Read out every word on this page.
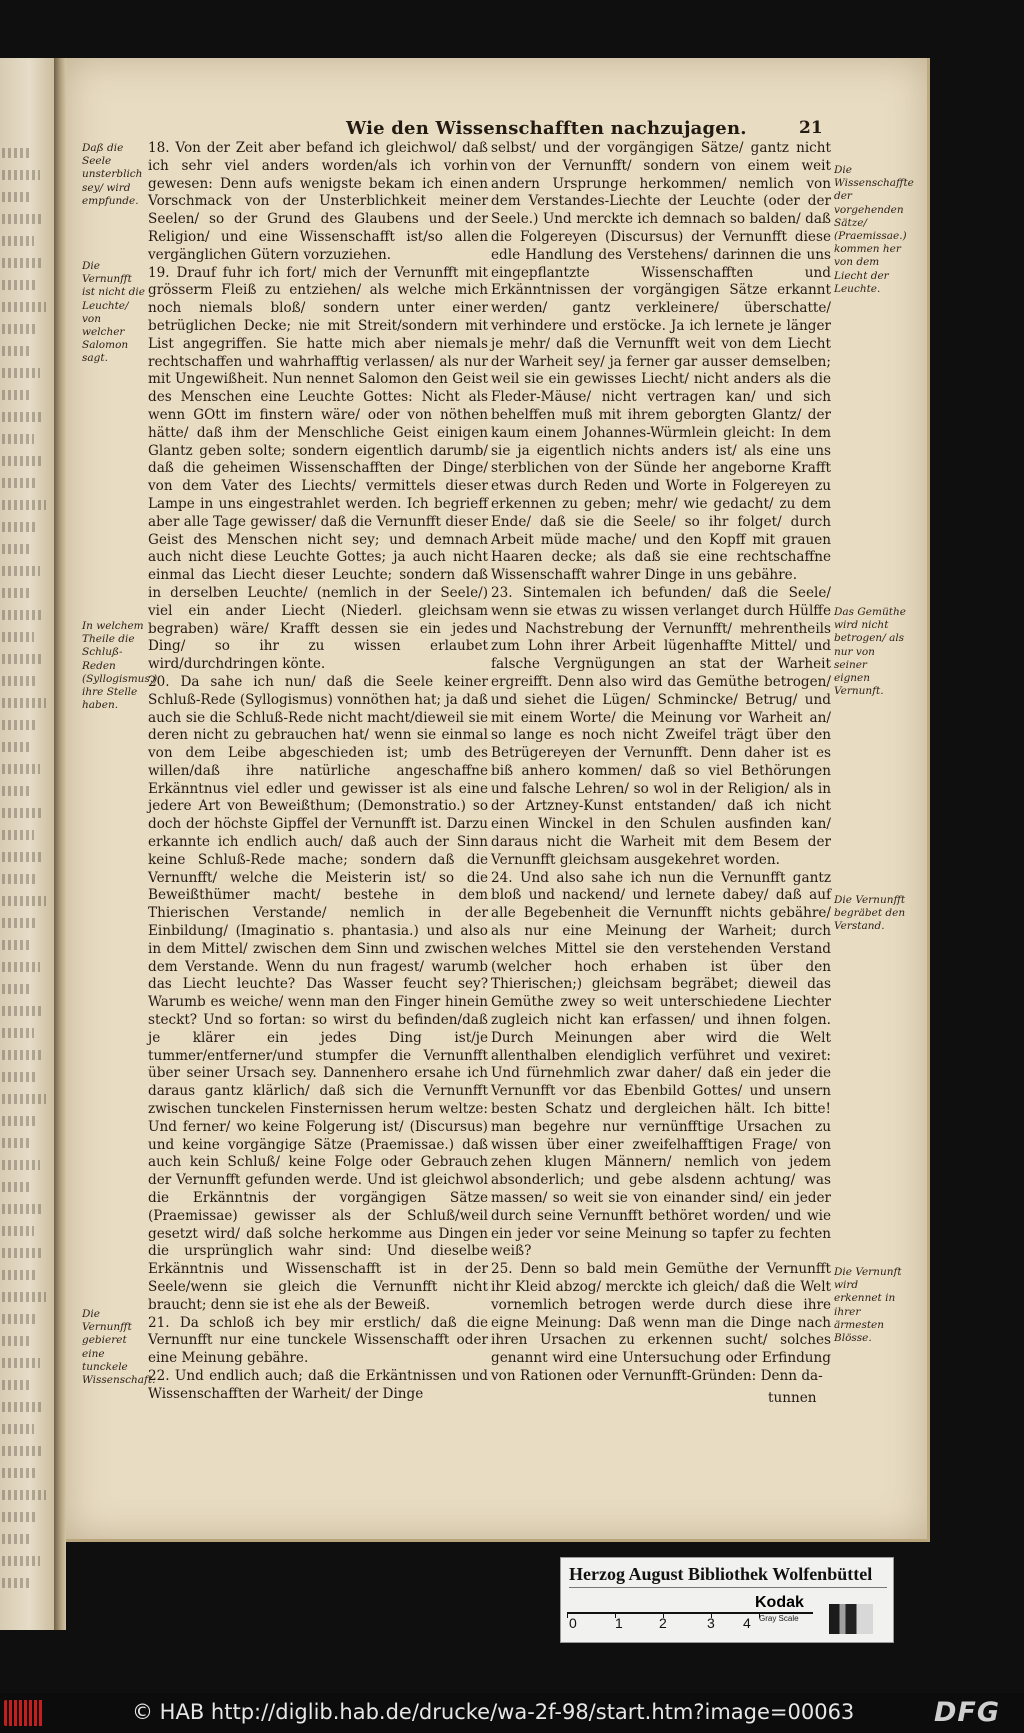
Wie den Wissenschafften nachzujagen.	21
Daß die Seele unsterblich sey/ wird empfunde.
Die Vernunfft ist nicht die Leuchte/ von welcher Salomon sagt.
In welchem Theile die Schluß-Reden (Syllogismus.) ihre Stelle haben.
Die Vernunfft gebieret eine tunckele Wissenschaft.
Die Wissenschaffte der vorgehenden Sätze/ (Praemissae.) kommen her von dem Liecht der Leuchte.
Das Gemüthe wird nicht betrogen/ als nur von seiner eignen Vernunft.
Die Vernunfft begräbet den Verstand.
Die Vernunft wird erkennet in ihrer ärmesten Blösse.

18. Von der Zeit aber befand ich gleichwol/ daß ich sehr viel anders worden/als ich vorhin gewesen: Denn aufs wenigste bekam ich einen Vorschmack von der Unsterblichkeit meiner Seelen/ so der Grund des Glaubens und der Religion/ und eine Wissenschafft ist/so allen vergänglichen Gütern vorzuziehen.

19. Drauf fuhr ich fort/ mich der Vernunfft mit grösserm Fleiß zu entziehen/ als welche mich noch niemals bloß/ sondern unter einer betrüglichen Decke; nie mit Streit/sondern mit List angegriffen. Sie hatte mich aber niemals rechtschaffen und wahrhafftig verlassen/ als nur mit Ungewißheit. Nun nennet Salomon den Geist des Menschen eine Leuchte Gottes: Nicht als wenn GOtt im finstern wäre/ oder von nöthen hätte/ daß ihm der Menschliche Geist einigen Glantz geben solte; sondern eigentlich darumb/ daß die geheimen Wissenschafften der Dinge/ von dem Vater des Liechts/ vermittels dieser Lampe in uns eingestrahlet werden. Ich begrieff aber alle Tage gewisser/ daß die Vernunfft dieser Geist des Menschen nicht sey; und demnach auch nicht diese Leuchte Gottes; ja auch nicht einmal das Liecht dieser Leuchte; sondern daß in derselben Leuchte/ (nemlich in der Seele/) viel ein ander Liecht (Niederl. gleichsam begraben) wäre/ Krafft dessen sie ein jedes Ding/ so ihr zu wissen erlaubet wird/durchdringen könte.

20. Da sahe ich nun/ daß die Seele keiner Schluß-Rede (Syllogismus) vonnöthen hat; ja daß auch sie die Schluß-Rede nicht macht/dieweil sie deren nicht zu gebrauchen hat/ wenn sie einmal von dem Leibe abgeschieden ist; umb des willen/daß ihre natürliche angeschaffne Erkänntnus viel edler und gewisser ist als eine jedere Art von Beweißthum; (Demonstratio.) so doch der höchste Gipffel der Vernunfft ist. Darzu erkannte ich endlich auch/ daß auch der Sinn keine Schluß-Rede mache; sondern daß die Vernunfft/ welche die Meisterin ist/ so die Beweißthümer macht/ bestehe in dem Thierischen Verstande/ nemlich in der Einbildung/ (Imaginatio s. phantasia.) und also in dem Mittel/ zwischen dem Sinn und zwischen dem Verstande. Wenn du nun fragest/ warumb das Liecht leuchte? Das Wasser feucht sey? Warumb es weiche/ wenn man den Finger hinein steckt? Und so fortan: so wirst du befinden/daß je klärer ein jedes Ding ist/je tummer/entferner/und stumpfer die Vernunfft über seiner Ursach sey. Dannenhero ersahe ich daraus gantz klärlich/ daß sich die Vernunfft zwischen tunckelen Finsternissen herum weltze: Und ferner/ wo keine Folgerung ist/ (Discursus) und keine vorgängige Sätze (Praemissae.) daß auch kein Schluß/ keine Folge oder Gebrauch der Vernunfft gefunden werde. Und ist gleichwol die Erkänntnis der vorgängigen Sätze (Praemissae) gewisser als der Schluß/weil gesetzt wird/ daß solche herkomme aus Dingen die ursprünglich wahr sind: Und dieselbe Erkänntnis und Wissenschafft ist in der Seele/wenn sie gleich die Vernunfft nicht braucht; denn sie ist ehe als der Beweiß.

21. Da schloß ich bey mir erstlich/ daß die Vernunfft nur eine tunckele Wissenschafft oder eine Meinung gebähre.

22. Und endlich auch; daß die Erkäntnissen und Wissenschafften der Warheit/ der Dinge

selbst/ und der vorgängigen Sätze/ gantz nicht von der Vernunfft/ sondern von einem weit andern Ursprunge herkommen/ nemlich von dem Verstandes-Liechte der Leuchte (oder der Seele.) Und merckte ich demnach so balden/ daß die Folgereyen (Discursus) der Vernunfft diese edle Handlung des Verstehens/ darinnen die uns eingepflantzte Wissenschafften und Erkänntnissen der vorgängigen Sätze erkannt werden/ gantz verkleinere/ überschatte/ verhindere und erstöcke. Ja ich lernete je länger je mehr/ daß die Vernunfft weit von dem Liecht der Warheit sey/ ja ferner gar ausser demselben; weil sie ein gewisses Liecht/ nicht anders als die Fleder-Mäuse/ nicht vertragen kan/ und sich behelffen muß mit ihrem geborgten Glantz/ der kaum einem Johannes-Würmlein gleicht: In dem sie ja eigentlich nichts anders ist/ als eine uns sterblichen von der Sünde her angeborne Krafft etwas durch Reden und Worte in Folgereyen zu erkennen zu geben; mehr/ wie gedacht/ zu dem Ende/ daß sie die Seele/ so ihr folget/ durch Arbeit müde mache/ und den Kopff mit grauen Haaren decke; als daß sie eine rechtschaffne Wissenschafft wahrer Dinge in uns gebähre.

23. Sintemalen ich befunden/ daß die Seele/ wenn sie etwas zu wissen verlanget durch Hülffe und Nachstrebung der Vernunfft/ mehrentheils zum Lohn ihrer Arbeit lügenhaffte Mittel/ und falsche Vergnügungen an stat der Warheit ergreifft. Denn also wird das Gemüthe betrogen/ und siehet die Lügen/ Schmincke/ Betrug/ und mit einem Worte/ die Meinung vor Warheit an/ so lange es noch nicht Zweifel trägt über den Betrügereyen der Vernunfft. Denn daher ist es biß anhero kommen/ daß so viel Bethörungen und falsche Lehren/ so wol in der Religion/ als in der Artzney-Kunst entstanden/ daß ich nicht einen Winckel in den Schulen ausfinden kan/ daraus nicht die Warheit mit dem Besem der Vernunfft gleichsam ausgekehret worden.

24. Und also sahe ich nun die Vernunfft gantz bloß und nackend/ und lernete dabey/ daß auf alle Begebenheit die Vernunfft nichts gebähre/ als nur eine Meinung der Warheit; durch welches Mittel sie den verstehenden Verstand (welcher hoch erhaben ist über den Thierischen;) gleichsam begräbet; dieweil das Gemüthe zwey so weit unterschiedene Liechter zugleich nicht kan erfassen/ und ihnen folgen. Durch Meinungen aber wird die Welt allenthalben elendiglich verführet und vexiret: Und fürnehmlich zwar daher/ daß ein jeder die Vernunfft vor das Ebenbild Gottes/ und unsern besten Schatz und dergleichen hält. Ich bitte! man begehre nur vernünfftige Ursachen zu wissen über einer zweifelhafftigen Frage/ von zehen klugen Männern/ nemlich von jedem absonderlich; und gebe alsdenn achtung/ was massen/ so weit sie von einander sind/ ein jeder durch seine Vernunfft bethöret worden/ und wie ein jeder vor seine Meinung so tapfer zu fechten weiß?

25. Denn so bald mein Gemüthe der Vernunfft ihr Kleid abzog/ merckte ich gleich/ daß die Welt vornemlich betrogen werde durch diese ihre eigne Meinung: Daß wenn man die Dinge nach ihren Ursachen zu erkennen sucht/ solches genannt wird eine Untersuchung oder Erfindung von Rationen oder Vernunfft-Gründen: Denn da-

tunnen
Herzog August Bibliothek Wolfenbüttel
0	1	2	3 4
Kodak
Gray Scale
© HAB http://diglib.hab.de/drucke/wa-2f-98/start.htm?image=00063	DFG
